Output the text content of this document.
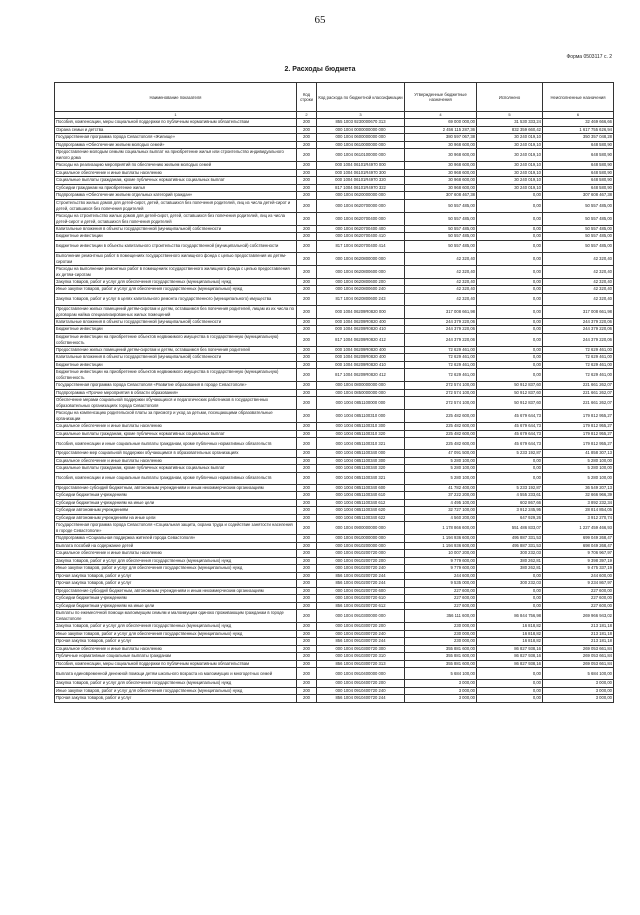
65
Форма 0503117 с. 2
2. Расходы бюджета
Наименование показателя	Код строки	Код расхода по бюджетной классификации	Утвержденные бюджетные назначения	Исполнено	Неисполненные назначения
1	2	3	4	5	6
Пособия, компенсации, меры социальной поддержки по публичным нормативным обязательствам	200	855 1003 9230000670 313	69 000 000,00	31 530 333,24	32 469 666,66
Охрана семьи и детства	200	000 1004 0000000000 000	2 456 115 287,36	832 359 660,42	1 617 755 626,94
Государственная программа города Севастополя «Жилище»	200	000 1004 0600000000 000	380 597 067,38	30 240 019,10	350 357 048,28
Подпрограмма «Обеспечение жильем молодых семей»	200	000 1004 0610000000 000	30 968 600,00	30 240 019,10	648 580,90
Предоставление молодым семьям социальных выплат на приобретение жилья или строительство индивидуального жилого дома	200	000 1004 0610100000 000	30 968 600,00	30 240 019,10	648 580,90
Расходы на реализацию мероприятий по обеспечению жильем молодых семей	200	000 1004 06101R4970 000	30 968 600,00	30 240 019,10	648 580,90
Социальное обеспечение и иные выплаты населению	200	000 1004 06101R4970 300	30 968 600,00	30 240 019,10	648 580,90
Социальные выплаты гражданам, кроме публичных нормативных социальных выплат	200	000 1004 06101R4970 320	30 968 600,00	30 240 019,10	648 580,90
Субсидии гражданам на приобретение жилья	200	817 1004 06101R4970 322	30 968 600,00	30 240 019,10	648 580,90
Подпрограмма «Обеспечение жильем отдельных категорий граждан»	200	000 1004 0620000000 000	307 608 467,38	0,00	307 608 467,38
Строительство жилых домов для детей-сирот, детей, оставшихся без попечения родителей, лиц из числа детей-сирот и детей, оставшихся без попечения родителей	200	000 1004 0620700000 000	50 557 485,00	0,00	50 557 485,00
Расходы на строительство жилых домов для детей-сирот, детей, оставшихся без попечения родителей, лиц из числа детей-сирот и детей, оставшихся без попечения родителей	200	000 1004 0620700400 000	50 557 485,00	0,00	50 557 485,00
Капитальные вложения в объекты государственной (муниципальной) собственности	200	000 1004 0620700400 400	50 557 485,00	0,00	50 557 485,00
Бюджетные инвестиции	200	000 1004 0620700400 410	50 557 485,00	0,00	50 557 485,00
Бюджетные инвестиции в объекты капитального строительства государственной (муниципальной) собственности	200	817 1004 0620700400 414	50 557 485,00	0,00	50 557 485,00
Выполнение ремонтных работ в помещениях государственного жилищного фонда с целью предоставления их детям-сиротам	200	000 1004 0620800000 000	42 320,40	0,00	42 320,40
Расходы на выполнение ремонтных работ в помещениях государственного жилищного фонда с целью предоставления их детям-сиротам	200	000 1004 0620800600 000	42 320,40	0,00	42 320,40
Закупка товаров, работ и услуг для обеспечения государственных (муниципальных) нужд	200	000 1004 0620800600 200	42 320,40	0,00	42 320,40
Иные закупки товаров, работ и услуг для обеспечения государственных (муниципальных) нужд	200	000 1004 0620800600 240	42 320,40	0,00	42 320,40
Закупка товаров, работ и услуг в целях капитального ремонта государственного (муниципального) имущества	200	817 1004 0620800600 243	42 320,40	0,00	42 320,40
Предоставление жилых помещений детям-сиротам и детям, оставшимся без попечения родителей, лицам из их числа по договорам найма специализированных жилых помещений	200	000 1004 06209R0820 000	317 008 661,98	0,00	317 008 661,98
Капитальные вложения в объекты государственной (муниципальной) собственности	200	000 1004 06209R0820 400	244 379 220,06	0,00	244 379 220,06
Бюджетные инвестиции	200	000 1004 06209R0820 410	244 379 220,06	0,00	244 379 220,06
Бюджетные инвестиции на приобретение объектов недвижимого имущества в государственную (муниципальную) собственность	200	817 1004 06209R0820 412	244 379 220,06	0,00	244 379 220,06
Предоставление жилых помещений детям-сиротам и детям, оставшимся без попечения родителей	200	000 1004 06209R0820 400	72 629 461,00	0,00	72 629 461,00
Капитальные вложения в объекты государственной (муниципальной) собственности	200	000 1004 06209R0820 400	72 629 461,00	0,00	72 629 461,00
Бюджетные инвестиции	200	000 1004 06209R0820 410	72 629 461,00	0,00	72 629 461,00
Бюджетные инвестиции на приобретение объектов недвижимого имущества в государственную (муниципальную) собственность	200	817 1004 06209R0820 412	72 629 461,00	0,00	72 629 461,00
Государственная программа города Севастополя «Развитие образования в городе Севастополе»	200	000 1004 0800000000 000	272 574 100,00	50 912 837,60	221 661 262,07
Подпрограмма «Прочие мероприятия в области образования»	200	000 1004 0850000000 000	272 574 100,00	50 912 837,60	221 661 262,07
Обеспечение мерами социальной поддержки обучающихся и педагогических работников в государственных образовательных организациях города Севастополя	200	000 1004 0851100000 000	272 574 100,00	50 912 837,60	221 661 262,07
Расходы на компенсацию родительской платы за присмотр и уход за детьми, посещающими образовательные организации	200	000 1004 0851100310 000	225 482 600,00	45 679 644,73	179 812 955,27
Социальное обеспечение и иные выплаты населению	200	000 1004 0851100310 300	225 482 600,00	45 679 644,73	179 812 955,27
Социальные выплаты гражданам, кроме публичных нормативных социальных выплат	200	000 1004 0851100310 320	225 482 600,00	45 679 644,73	179 812 955,27
Пособия, компенсации и иные социальные выплаты гражданам, кроме публичных нормативных обязательств	200	000 1004 0851100310 321	225 482 600,00	45 679 644,73	179 812 955,27
Предоставление мер социальной поддержки обучающимся в образовательных организациях	200	000 1004 0851100340 000	47 091 500,00	5 233 192,87	41 858 307,13
Социальное обеспечение и иные выплаты населению	200	000 1004 0851100340 300	5 280 100,00	0,00	5 280 100,00
Социальные выплаты гражданам, кроме публичных нормативных социальных выплат	200	000 1004 0851100340 320	5 280 100,00	0,00	5 280 100,00
Пособия, компенсации и иные социальные выплаты гражданам, кроме публичных нормативных обязательств	200	000 1004 0851100340 321	5 280 100,00	0,00	5 280 100,00
Предоставление субсидий бюджетным, автономным учреждениям и иным некоммерческим организациям	200	000 1004 0851100340 600	41 782 400,00	5 233 192,87	36 549 207,13
Субсидии бюджетным учреждениям	200	000 1004 0851100340 610	37 222 200,00	4 555 233,61	32 666 966,39
Субсидии бюджетным учреждениям на иные цели	200	000 1004 0851100340 612	4 495 100,00	602 867,66	3 892 232,34
Субсидии автономным учреждениям	200	000 1004 0851100340 620	32 727 100,00	3 912 245,95	28 814 854,05
Субсидии автономным учреждениям на иные цели	200	000 1004 0851100340 622	4 560 200,00	647 929,26	3 912 270,74
Государственная программа города Севастополя «Социальная защита, охрана труда и содействие занятости населения в городе Севастополе»	200	000 1004 0900000000 000	1 178 866 600,00	551 486 833,07	1 227 459 466,93
Подпрограмма «Социальная поддержка жителей города Севастополя»	200	000 1004 0910000000 000	1 194 936 600,00	495 887 331,53	699 049 268,47
Выплата пособий на содержание детей	200	000 1004 0910200000 000	1 194 936 600,00	495 887 331,53	698 049 268,47
Социальное обеспечение и иные выплаты населению	200	000 1004 0910200720 000	10 007 200,00	300 232,03	9 706 967,97
Закупка товаров, работ и услуг для обеспечения государственных (муниципальных) нужд	200	000 1004 0910200720 200	9 779 600,00	380 262,81	9 398 397,19
Иные закупки товаров, работ и услуг для обеспечения государственных (муниципальных) нужд	200	000 1004 0910200720 240	9 779 600,00	380 262,81	9 475 337,19
Прочая закупка товаров, работ и услуг	200	856 1004 0910200720 244	244 600,00	0,00	244 600,00
Прочая закупка товаров, работ и услуг	200	856 1004 0910200720 244	9 535 000,00	300 232,03	9 234 867,97
Предоставление субсидий бюджетным, автономным учреждениям и иным некоммерческим организациям	200	000 1004 0910200720 600	227 600,00	0,00	227 600,00
Субсидии бюджетным учреждениям	200	000 1004 0910200720 610	227 600,00	0,00	227 600,00
Субсидии бюджетным учреждениям на иные цели	200	856 1004 0910200720 612	227 600,00	0,00	227 600,00
Выплаты по ежемесячной помощи малоимущим семьям и малоимущим одиноко проживающим гражданам в городе Севастополе	200	000 1004 0910300000 000	356 111 600,00	86 844 756,98	269 966 943,02
Закупка товаров, работ и услуг для обеспечения государственных (муниципальных) нужд	200	000 1004 0910300720 200	230 000,00	16 818,82	213 181,18
Иные закупки товаров, работ и услуг для обеспечения государственных (муниципальных) нужд	200	000 1004 0910300720 240	230 000,00	16 818,82	213 181,18
Прочая закупка товаров, работ и услуг	200	856 1004 0910300720 244	230 000,00	16 818,82	213 181,18
Социальное обеспечение и иные выплаты населению	200	000 1004 0910300720 300	355 881 600,00	86 827 938,16	269 053 661,84
Публичные нормативные социальные выплаты гражданам	200	000 1004 0910300720 310	355 881 600,00	86 827 938,16	269 053 661,84
Пособия, компенсации, меры социальной поддержки по публичным нормативным обязательствам	200	856 1004 0910300720 313	355 881 600,00	86 827 938,16	269 053 661,84
Выплата единовременной денежной помощи детям школьного возраста из малоимущих и многодетных семей	200	000 1004 0910400000 000	5 684 100,00	0,00	5 684 100,00
Закупка товаров, работ и услуг для обеспечения государственных (муниципальных) нужд	200	000 1004 0910400720 200	3 000,00	0,00	3 000,00
Иные закупки товаров, работ и услуг для обеспечения государственных (муниципальных) нужд	200	000 1004 0910400720 240	3 000,00	0,00	3 000,00
Прочая закупка товаров, работ и услуг	200	856 1004 0910400720 244	3 000,00	0,00	3 000,00
